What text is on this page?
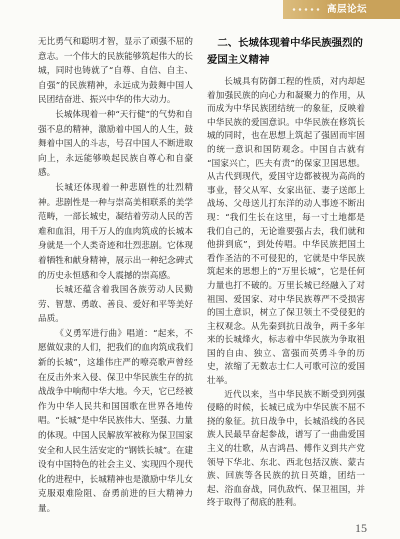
高层论坛

无比勇气和聪明才智，显示了顽强不屈的意志。一个伟大的民族能够筑起伟大的长城，同时也铸就了“自尊、自信、自主、自强”的民族精神，永远成为鼓舞中国人民团结奋进、振兴中华的伟大动力。

长城体现着一种“天行健”的气势和自强不息的精神，激励着中国人的人生，鼓舞着中国人的斗志，号召中国人不断进取向上，永远能够唤起民族自尊心和自豪感。

长城还体现着一种悲剧性的壮烈精神。悲剧性是一种与崇高美相联系的美学范畴，一部长城史，凝结着劳动人民的苦难和血泪，用千万人的血肉筑成的长城本身就是一个人类奇迹和壮烈悲剧。它体现着牺牲和献身精神，展示出一种纪念碑式的历史永恒感和令人震撼的崇高感。

长城还蕴含着我国各族劳动人民勤劳、智慧、勇敢、善良、爱好和平等美好品质。

《义勇军进行曲》唱道：“起来，不愿做奴隶的人们，把我们的血肉筑成我们新的长城”，这雄伟庄严的嘹亮歌声曾经在反击外来入侵、保卫中华民族生存的抗战战争中响彻中华大地。今天，它已经被作为中华人民共和国国歌在世界各地传唱。“长城”是中华民族伟大、坚强、力量的体现。中国人民解放军被称为保卫国家安全和人民生活安定的“钢铁长城”。在建设有中国特色的社会主义、实现四个现代化的进程中，长城精神也是激励中华儿女克服艰难险阻、奋勇前进的巨大精神力量。

二、长城体现着中华民族强烈的爱国主义精神

长城具有防御工程的性质，对内却起着加强民族的向心力和凝聚力的作用，从而成为中华民族团结统一的象征，反映着中华民族的爱国意识。中华民族在修筑长城的同时，也在思想上筑起了强固而牢固的统一意识和国防观念。中国自古就有“国家兴亡，匹夫有责”的保家卫国思想。从古代到现代，爱国守边都被视为高尚的事业，替父从军、女家出征、妻子送郎上战场、父母送儿打东洋的动人事迹不断出现：“我们生长在这里，每一寸土地都是我们自己的，无论谁要强占去，我们就和他拼到底”，到处传唱。中华民族把国土看作圣洁的不可侵犯的，它就是中华民族筑起来的思想上的“万里长城”，它是任何力量也打不破的。万里长城已经融入了对祖国、爱国家、对中华民族尊严不受损害的国土意识，树立了保卫领土不受侵犯的主权观念。从先秦到抗日战争，两千多年来的长城烽火，标志着中华民族为争取祖国的自由、独立、富强而英勇斗争的历史，浓缩了无数志士仁人可歌可泣的爱国壮举。

近代以来，当中华民族不断受到列强侵略的时候，长城已成为中华民族不屈不挠的象征。抗日战争中，长城沿线的各民族人民最早奋起参战，谱写了一曲曲爱国主义的壮歌，从吉鸿昌、傅作义到共产党领导下华北、东北、西北包括汉族、蒙古族、回族等各民族的抗日英雄，团结一起、浴血奋战，同仇敌忾、保卫祖国，并终于取得了彻底的胜利。

15
